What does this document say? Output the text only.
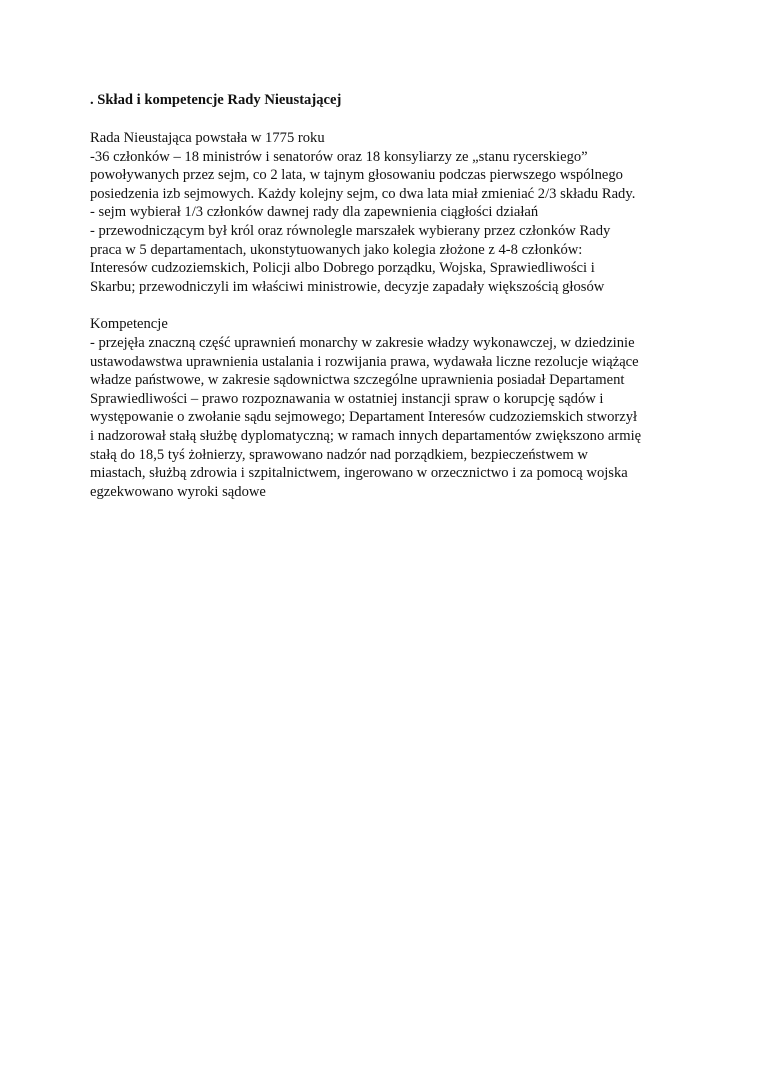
. Skład i kompetencje Rady Nieustającej
Rada Nieustająca powstała w 1775 roku
-36 członków – 18 ministrów i senatorów oraz 18 konsyliarzy ze „stanu rycerskiego”
powoływanych przez sejm, co 2 lata, w tajnym głosowaniu podczas pierwszego wspólnego
posiedzenia izb sejmowych. Każdy kolejny sejm, co dwa lata miał zmieniać 2/3 składu Rady.
- sejm wybierał 1/3 członków dawnej rady dla zapewnienia ciągłości działań
- przewodniczącym był król oraz równolegle marszałek wybierany przez członków Rady
praca w 5 departamentach, ukonstytuowanych jako kolegia złożone z 4-8 członków:
Interesów cudzoziemskich, Policji albo Dobrego porządku, Wojska, Sprawiedliwości i
Skarbu; przewodniczyli im właściwi ministrowie, decyzje zapadały większością głosów
Kompetencje
- przejęła znaczną część uprawnień monarchy w zakresie władzy wykonawczej, w dziedzinie
ustawodawstwa uprawnienia ustalania i rozwijania prawa, wydawała liczne rezolucje wiążące
władze państwowe, w zakresie sądownictwa szczególne uprawnienia posiadał Departament
Sprawiedliwości – prawo rozpoznawania w ostatniej instancji spraw o korupcję sądów i
występowanie o zwołanie sądu sejmowego; Departament Interesów cudzoziemskich stworzył
i nadzorował stałą służbę dyplomatyczną; w ramach innych departamentów zwiększono armię
stałą do 18,5 tyś żołnierzy, sprawowano nadzór nad porządkiem, bezpieczeństwem w
miastach, służbą zdrowia i szpitalnictwem, ingerowano w orzecznictwo i za pomocą wojska
egzekwowano wyroki sądowe
